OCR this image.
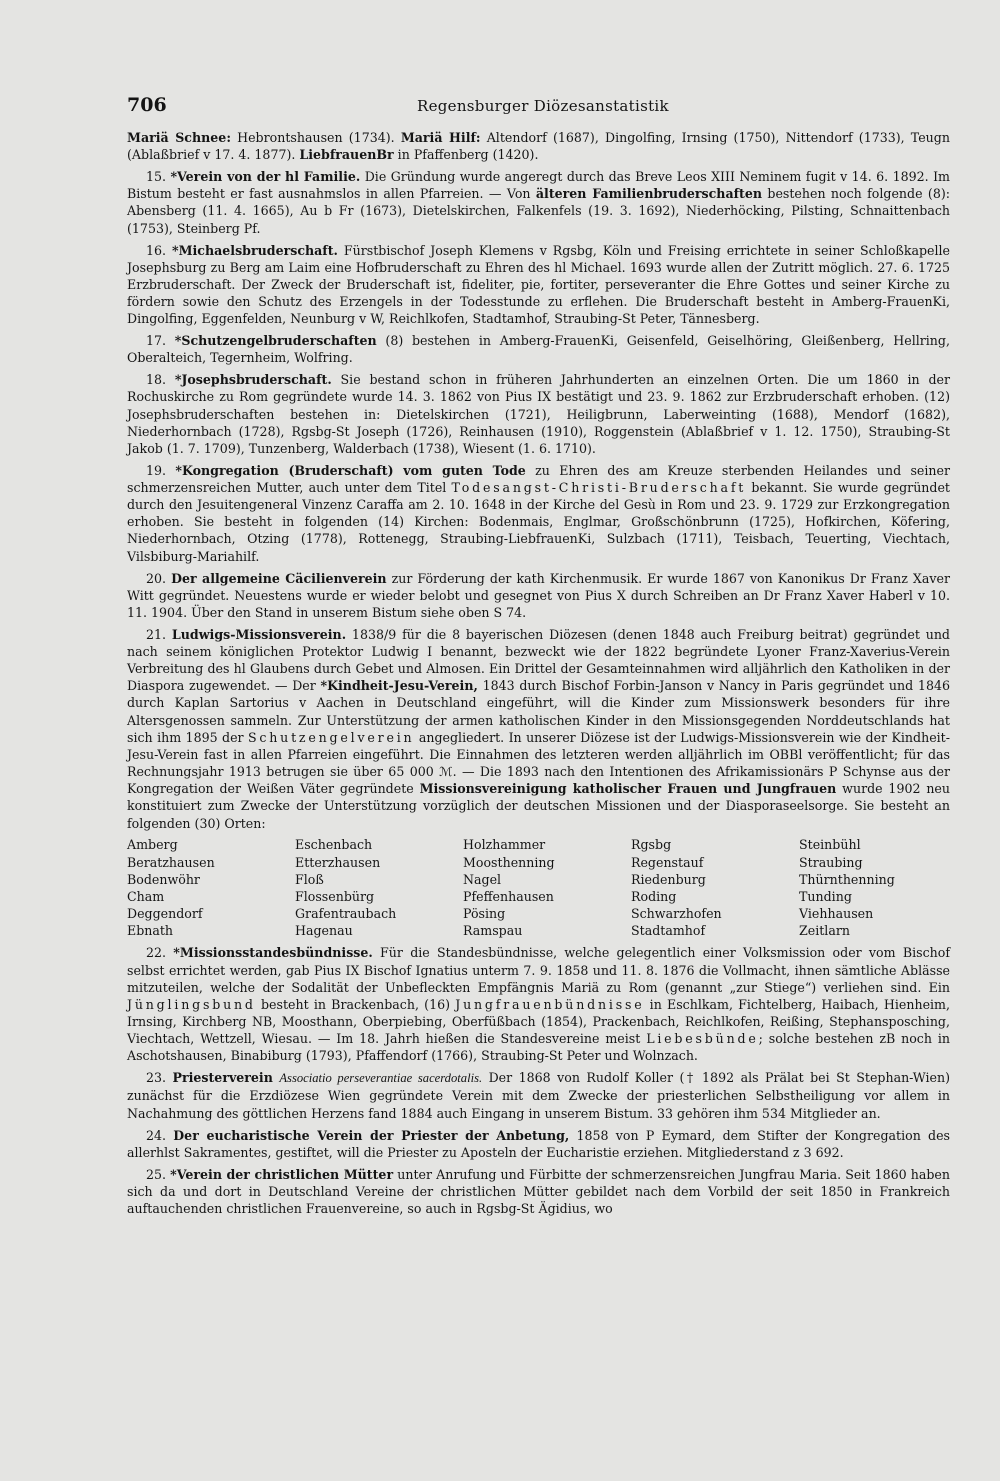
706	Regensburger Diözesanstatistik

Mariä Schnee: Hebrontshausen (1734). Mariä Hilf: Altendorf (1687), Dingolfing, Irnsing (1750), Nittendorf (1733), Teugn (Ablaßbrief v 17. 4. 1877). LiebfrauenBr in Pfaffenberg (1420).

15. *Verein von der hl Familie. Die Gründung wurde angeregt durch das Breve Leos XIII Neminem fugit v 14. 6. 1892. Im Bistum besteht er fast ausnahmslos in allen Pfarreien. — Von älteren Familienbruderschaften bestehen noch folgende (8): Abensberg (11. 4. 1665), Au b Fr (1673), Dietelskirchen, Falkenfels (19. 3. 1692), Niederhöcking, Pilsting, Schnaittenbach (1753), Steinberg Pf.

16. *Michaelsbruderschaft. Fürstbischof Joseph Klemens v Rgsbg, Köln und Freising errichtete in seiner Schloßkapelle Josephsburg zu Berg am Laim eine Hofbruderschaft zu Ehren des hl Michael. 1693 wurde allen der Zutritt möglich. 27. 6. 1725 Erzbruderschaft. Der Zweck der Bruderschaft ist, fideliter, pie, fortiter, perseveranter die Ehre Gottes und seiner Kirche zu fördern sowie den Schutz des Erzengels in der Todesstunde zu erflehen. Die Bruderschaft besteht in Amberg-FrauenKi, Dingolfing, Eggenfelden, Neunburg v W, Reichlkofen, Stadtamhof, Straubing-St Peter, Tännesberg.

17. *Schutzengelbruderschaften (8) bestehen in Amberg-FrauenKi, Geisenfeld, Geiselhöring, Gleißenberg, Hellring, Oberalteich, Tegernheim, Wolfring.

18. *Josephsbruderschaft. Sie bestand schon in früheren Jahrhunderten an einzelnen Orten. Die um 1860 in der Rochuskirche zu Rom gegründete wurde 14. 3. 1862 von Pius IX bestätigt und 23. 9. 1862 zur Erzbruderschaft erhoben. (12) Josephsbruderschaften bestehen in: Dietelskirchen (1721), Heiligbrunn, Laberweinting (1688), Mendorf (1682), Niederhornbach (1728), Rgsbg-St Joseph (1726), Reinhausen (1910), Roggenstein (Ablaßbrief v 1. 12. 1750), Straubing-St Jakob (1. 7. 1709), Tunzenberg, Walderbach (1738), Wiesent (1. 6. 1710).

19. *Kongregation (Bruderschaft) vom guten Tode zu Ehren des am Kreuze sterbenden Heilandes und seiner schmerzensreichen Mutter, auch unter dem Titel Todesangst-Christi-Bruderschaft bekannt. Sie wurde gegründet durch den Jesuitengeneral Vinzenz Caraffa am 2. 10. 1648 in der Kirche del Gesù in Rom und 23. 9. 1729 zur Erzkongregation erhoben. Sie besteht in folgenden (14) Kirchen: Bodenmais, Englmar, Großschönbrunn (1725), Hofkirchen, Köfering, Niederhornbach, Otzing (1778), Rottenegg, Straubing-LiebfrauenKi, Sulzbach (1711), Teisbach, Teuerting, Viechtach, Vilsbiburg-Mariahilf.

20. Der allgemeine Cäcilienverein zur Förderung der kath Kirchenmusik. Er wurde 1867 von Kanonikus Dr Franz Xaver Witt gegründet. Neuestens wurde er wieder belobt und gesegnet von Pius X durch Schreiben an Dr Franz Xaver Haberl v 10. 11. 1904. Über den Stand in unserem Bistum siehe oben S 74.

21. Ludwigs-Missionsverein. 1838/9 für die 8 bayerischen Diözesen (denen 1848 auch Freiburg beitrat) gegründet und nach seinem königlichen Protektor Ludwig I benannt, bezweckt wie der 1822 begründete Lyoner Franz-Xaverius-Verein Verbreitung des hl Glaubens durch Gebet und Almosen. Ein Drittel der Gesamteinnahmen wird alljährlich den Katholiken in der Diaspora zugewendet. — Der *Kindheit-Jesu-Verein, 1843 durch Bischof Forbin-Janson v Nancy in Paris gegründet und 1846 durch Kaplan Sartorius v Aachen in Deutschland eingeführt, will die Kinder zum Missionswerk besonders für ihre Altersgenossen sammeln. Zur Unterstützung der armen katholischen Kinder in den Missionsgegenden Norddeutschlands hat sich ihm 1895 der Schutzengelverein angegliedert. In unserer Diözese ist der Ludwigs-Missionsverein wie der Kindheit-Jesu-Verein fast in allen Pfarreien eingeführt. Die Einnahmen des letzteren werden alljährlich im OBBl veröffentlicht; für das Rechnungsjahr 1913 betrugen sie über 65 000 ℳ. — Die 1893 nach den Intentionen des Afrikamissionärs P Schynse aus der Kongregation der Weißen Väter gegründete Missionsvereinigung katholischer Frauen und Jungfrauen wurde 1902 neu konstituiert zum Zwecke der Unterstützung vorzüglich der deutschen Missionen und der Diasporaseelsorge. Sie besteht an folgenden (30) Orten:

Amberg	Eschenbach	Holzhammer	Rgsbg	Steinbühl
Beratzhausen	Etterzhausen	Moosthenning	Regenstauf	Straubing
Bodenwöhr	Floß	Nagel	Riedenburg	Thürnthenning
Cham	Flossenbürg	Pfeffenhausen	Roding	Tunding
Deggendorf	Grafentraubach	Pösing	Schwarzhofen	Viehhausen
Ebnath	Hagenau	Ramspau	Stadtamhof	Zeitlarn

22. *Missionsstandesbündnisse. Für die Standesbündnisse, welche gelegentlich einer Volksmission oder vom Bischof selbst errichtet werden, gab Pius IX Bischof Ignatius unterm 7. 9. 1858 und 11. 8. 1876 die Vollmacht, ihnen sämtliche Ablässe mitzuteilen, welche der Sodalität der Unbefleckten Empfängnis Mariä zu Rom (genannt „zur Stiege“) verliehen sind. Ein Jünglingsbund besteht in Brackenbach, (16) Jungfrauenbündnisse in Eschlkam, Fichtelberg, Haibach, Hienheim, Irnsing, Kirchberg NB, Moosthann, Oberpiebing, Oberfüßbach (1854), Prackenbach, Reichlkofen, Reißing, Stephansposching, Viechtach, Wettzell, Wiesau. — Im 18. Jahrh hießen die Standesvereine meist Liebesbünde; solche bestehen zB noch in Aschotshausen, Binabiburg (1793), Pfaffendorf (1766), Straubing-St Peter und Wolnzach.

23. Priesterverein Associatio perseverantiae sacerdotalis. Der 1868 von Rudolf Koller († 1892 als Prälat bei St Stephan-Wien) zunächst für die Erzdiözese Wien gegründete Verein mit dem Zwecke der priesterlichen Selbstheiligung vor allem in Nachahmung des göttlichen Herzens fand 1884 auch Eingang in unserem Bistum. 33 gehören ihm 534 Mitglieder an.

24. Der eucharistische Verein der Priester der Anbetung, 1858 von P Eymard, dem Stifter der Kongregation des allerhlst Sakramentes, gestiftet, will die Priester zu Aposteln der Eucharistie erziehen. Mitgliederstand z 3 692.

25. *Verein der christlichen Mütter unter Anrufung und Fürbitte der schmerzensreichen Jungfrau Maria. Seit 1860 haben sich da und dort in Deutschland Vereine der christlichen Mütter gebildet nach dem Vorbild der seit 1850 in Frankreich auftauchenden christlichen Frauenvereine, so auch in Rgsbg-St Ägidius, wo
